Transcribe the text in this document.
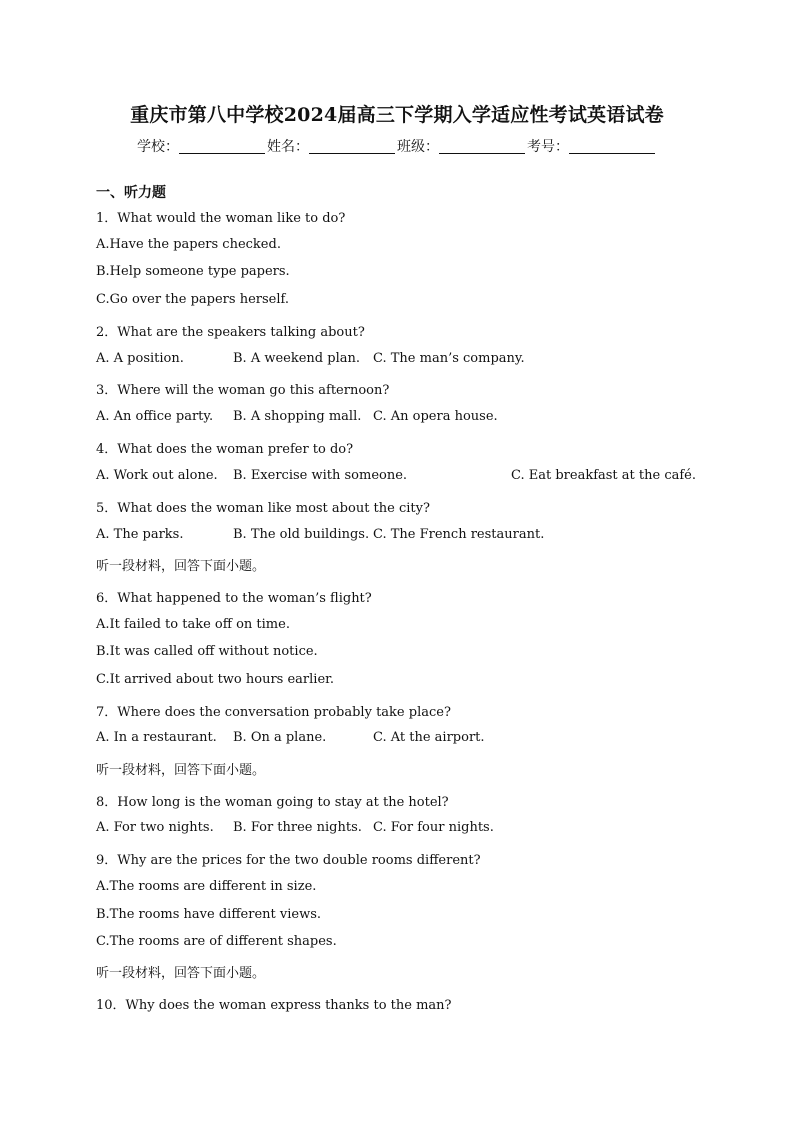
重庆市第八中学校2024届高三下学期入学适应性考试英语试卷
学校：	姓名：	班级：	考号：
一、听力题
1．What would the woman like to do?
A.Have the papers checked.
B.Help someone type papers.
C.Go over the papers herself.
2．What are the speakers talking about?
A. A position.	B. A weekend plan. C. The man’s company.
3．Where will the woman go this afternoon?
A. An office party. B. A shopping mall. C. An opera house.
4．What does the woman prefer to do?
A. Work out alone. B. Exercise with someone.	C. Eat breakfast at the café.
5．What does the woman like most about the city?
A. The parks.	B. The old buildings. C. The French restaurant.
听一段材料，回答下面小题。
6．What happened to the woman’s flight?
A.It failed to take off on time.
B.It was called off without notice.
C.It arrived about two hours earlier.
7．Where does the conversation probably take place?
A. In a restaurant. B. On a plane.	C. At the airport.
听一段材料，回答下面小题。
8．How long is the woman going to stay at the hotel?
A. For two nights. B. For three nights. C. For four nights.
9．Why are the prices for the two double rooms different?
A.The rooms are different in size.
B.The rooms have different views.
C.The rooms are of different shapes.
听一段材料，回答下面小题。
10．Why does the woman express thanks to the man?
